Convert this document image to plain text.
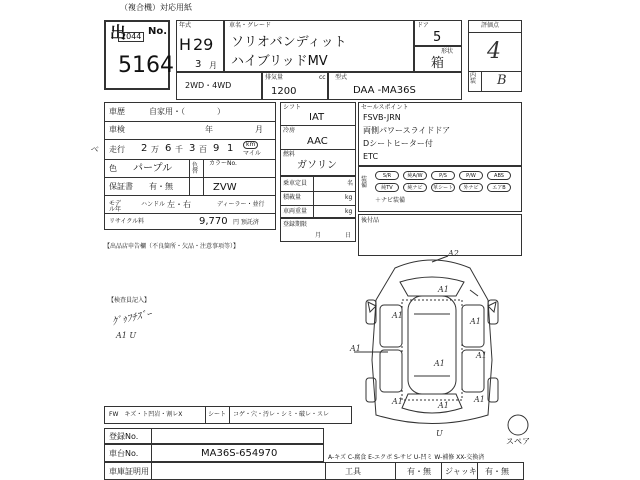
（複合機）対応用紙
出
2044 No.
5164
年式
H 29
3 月
車名・グレード
ソリオバンディット
ハイブリッドMV
ドア
5
形状
箱
評価点
4
内装 B
2WD・4WD
排気量
1200
cc 型式
DAA -MA36S
車歴	自家用・（　　　　）
車検	年	月
走行 2 万 6 千 3 百 9 1	km
マイル
色 パープル	色替
カラーNo.
ZVW
保証書 有・無
モデル年
ハンドル 左・右	ディーラー・並行
リサイクル料	9,770 円 預託済
ベ
シフト
IAT
冷房
AAC
燃料
ガソリン
乗車定員	名
積載量	kg
車両重量	kg
登録期限
月	日
セールスポイント
FSVB-JRN
両側パワースライドドア
Dシートヒーター付
ETC
装備
S/R	純A/W	P/S	P/W	ABS
純TV	純ナビ	革シート	外ナビ	エアB
＋ナビ装備
後付品
【出品店申告欄（不良箇所・欠品・注意事項等）】
【検査員記入】
ｸﾞｩﾌﾁｽﾞｰ
A1 U
FW　キズ・ト凹岩・割レX	シート コゲ・穴・汚レ・シミ・破レ・スレ
A2
A1
A1
A1
A1
A1
A1
A1	A1
A1
U
スペア
A-キズ C-腐食 E-エクボ S-サビ U-凹ミ W-補修 XX-交換済
登録No.
車台No.	MA36S-654970
車庫証明用	工具	有・無 ジャッキ 有・無
